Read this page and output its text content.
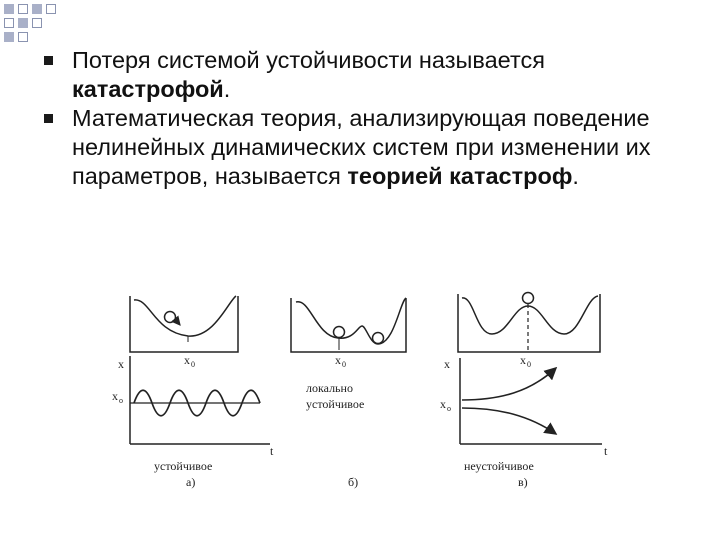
Потеря системой устойчивости называется катастрофой.
Математическая теория, анализирующая поведение нелинейных динамических систем при изменении их параметров, называется теорией катастроф.
x	x 0
x o
t
устойчивое
а)
x 0
локально
устойчивое
б)
x 0
x
x o
t
неустойчивое
в)
